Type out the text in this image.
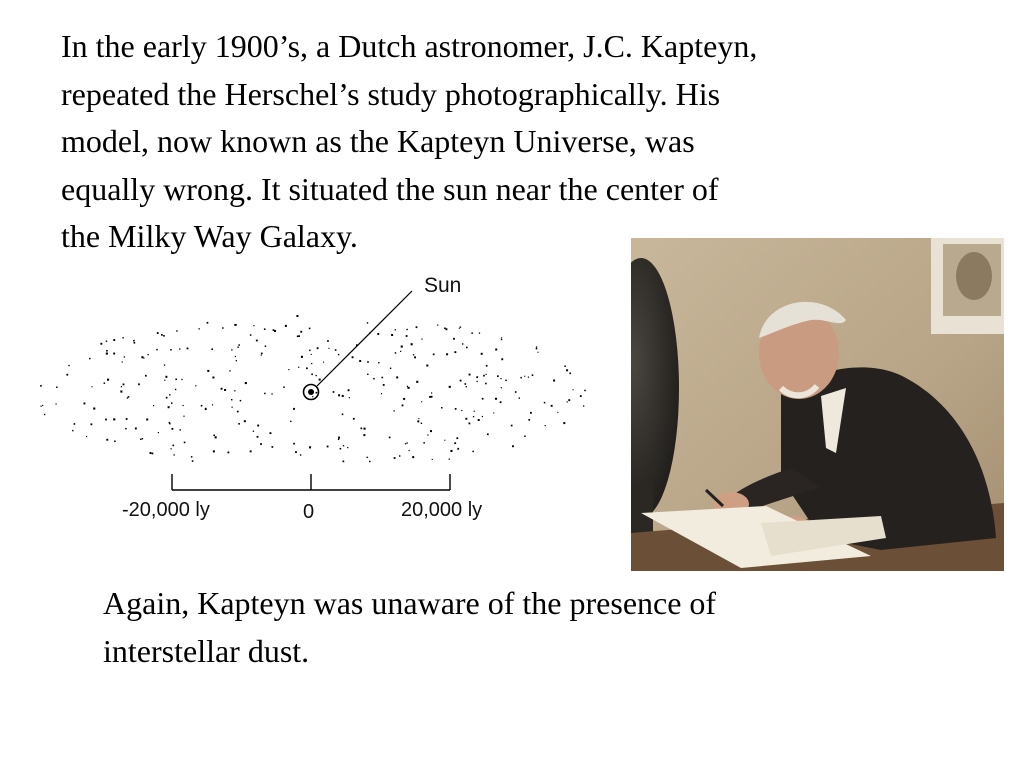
In the early 1900’s, a Dutch astronomer, J.C. Kapteyn,
repeated the Herschel’s study photographically. His
model, now known as the Kapteyn Universe, was
equally wrong. It situated the sun near the center of
the Milky Way Galaxy.

Sun
-20,000 ly	0	20,000 ly

Again, Kapteyn was unaware of the presence of
interstellar dust.
